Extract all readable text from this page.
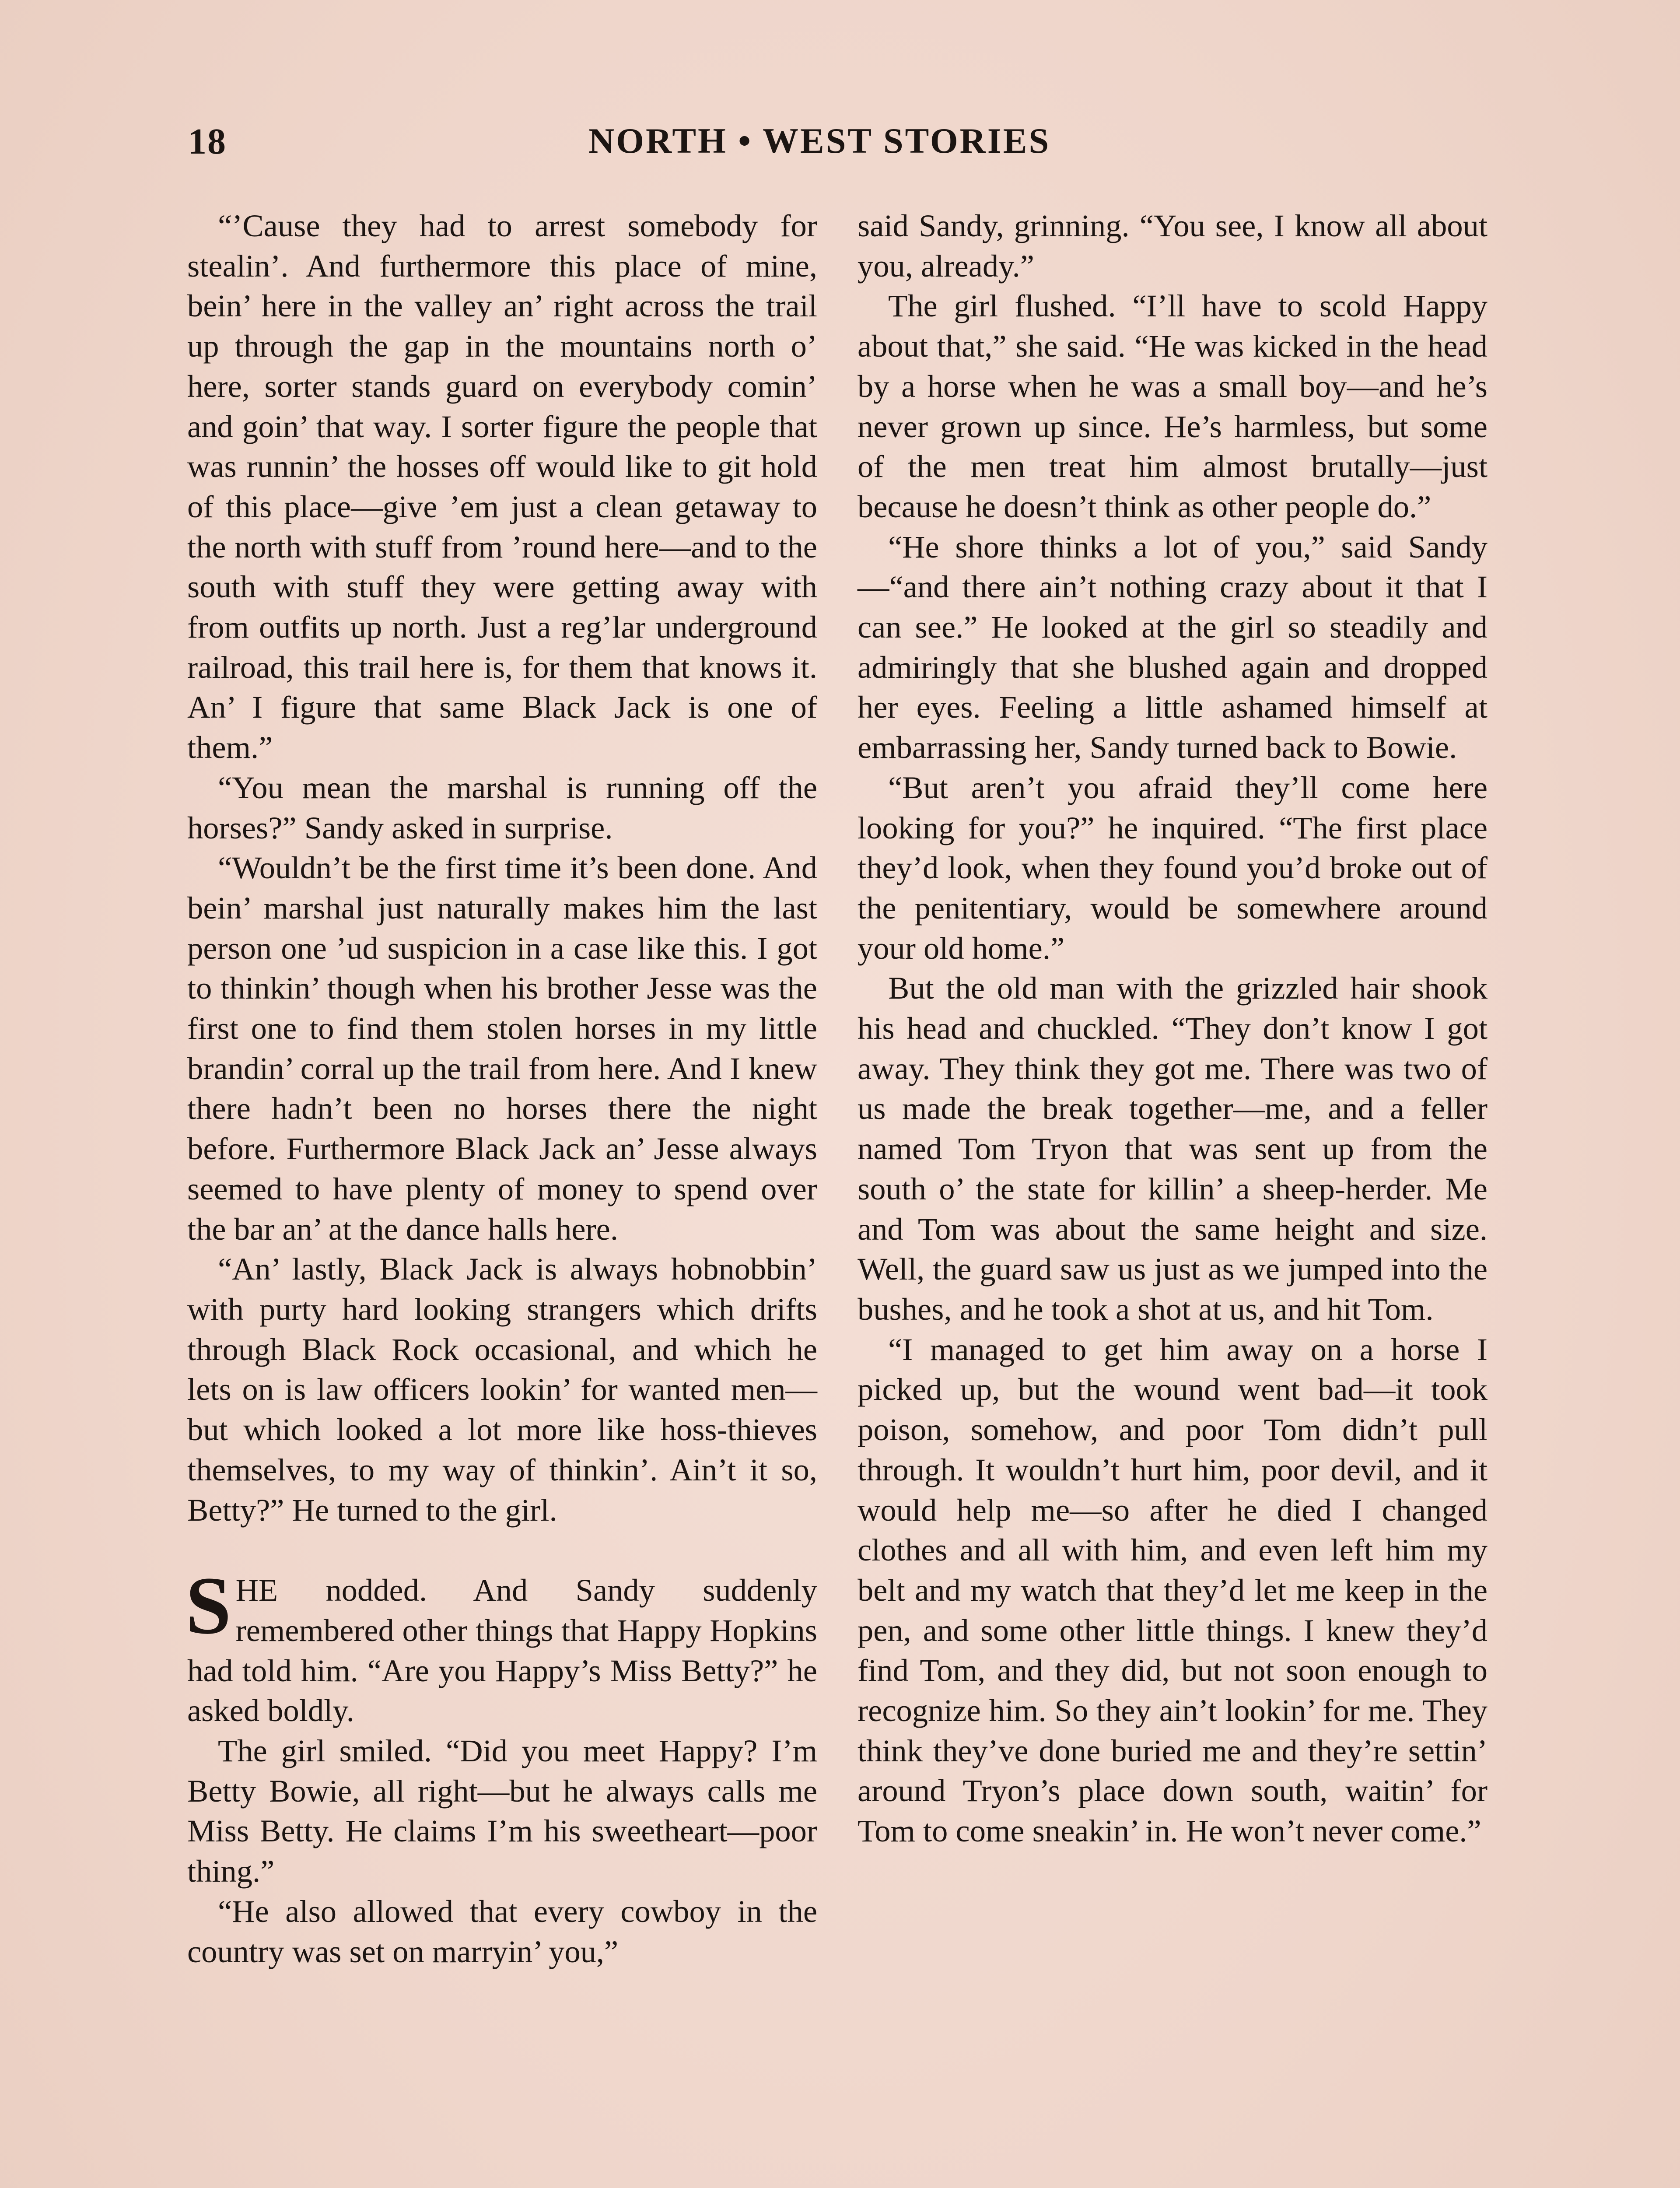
18	NORTH • WEST STORIES

“’Cause they had to arrest somebody for stealin’. And furthermore this place of mine, bein’ here in the valley an’ right across the trail up through the gap in the mountains north o’ here, sorter stands guard on everybody comin’ and goin’ that way. I sorter figure the people that was runnin’ the hosses off would like to git hold of this place—give ’em just a clean getaway to the north with stuff from ’round here—and to the south with stuff they were getting away with from outfits up north. Just a reg’lar underground railroad, this trail here is, for them that knows it. An’ I figure that same Black Jack is one of them.”

“You mean the marshal is running off the horses?” Sandy asked in surprise.

“Wouldn’t be the first time it’s been done. And bein’ marshal just naturally makes him the last person one ’ud suspicion in a case like this. I got to thinkin’ though when his brother Jesse was the first one to find them stolen horses in my little brandin’ corral up the trail from here. And I knew there hadn’t been no horses there the night before. Furthermore Black Jack an’ Jesse always seemed to have plenty of money to spend over the bar an’ at the dance halls here.

“An’ lastly, Black Jack is always hobnobbin’ with purty hard looking strangers which drifts through Black Rock occasional, and which he lets on is law officers lookin’ for wanted men—but which looked a lot more like hoss-thieves themselves, to my way of thinkin’. Ain’t it so, Betty?” He turned to the girl.

SHE nodded. And Sandy suddenly remembered other things that Happy Hopkins had told him. “Are you Happy’s Miss Betty?” he asked boldly.

The girl smiled. “Did you meet Happy? I’m Betty Bowie, all right—but he always calls me Miss Betty. He claims I’m his sweetheart—poor thing.”

“He also allowed that every cowboy in the country was set on marryin’ you,”

said Sandy, grinning. “You see, I know all about you, already.”

The girl flushed. “I’ll have to scold Happy about that,” she said. “He was kicked in the head by a horse when he was a small boy—and he’s never grown up since. He’s harmless, but some of the men treat him almost brutally—just because he doesn’t think as other people do.”

“He shore thinks a lot of you,” said Sandy—“and there ain’t nothing crazy about it that I can see.” He looked at the girl so steadily and admiringly that she blushed again and dropped her eyes. Feeling a little ashamed himself at embarrassing her, Sandy turned back to Bowie.

“But aren’t you afraid they’ll come here looking for you?” he inquired. “The first place they’d look, when they found you’d broke out of the penitentiary, would be somewhere around your old home.”

But the old man with the grizzled hair shook his head and chuckled. “They don’t know I got away. They think they got me. There was two of us made the break together—me, and a feller named Tom Tryon that was sent up from the south o’ the state for killin’ a sheep-herder. Me and Tom was about the same height and size. Well, the guard saw us just as we jumped into the bushes, and he took a shot at us, and hit Tom.

“I managed to get him away on a horse I picked up, but the wound went bad—it took poison, somehow, and poor Tom didn’t pull through. It wouldn’t hurt him, poor devil, and it would help me—so after he died I changed clothes and all with him, and even left him my belt and my watch that they’d let me keep in the pen, and some other little things. I knew they’d find Tom, and they did, but not soon enough to recognize him. So they ain’t lookin’ for me. They think they’ve done buried me and they’re settin’ around Tryon’s place down south, waitin’ for Tom to come sneakin’ in. He won’t never come.”
